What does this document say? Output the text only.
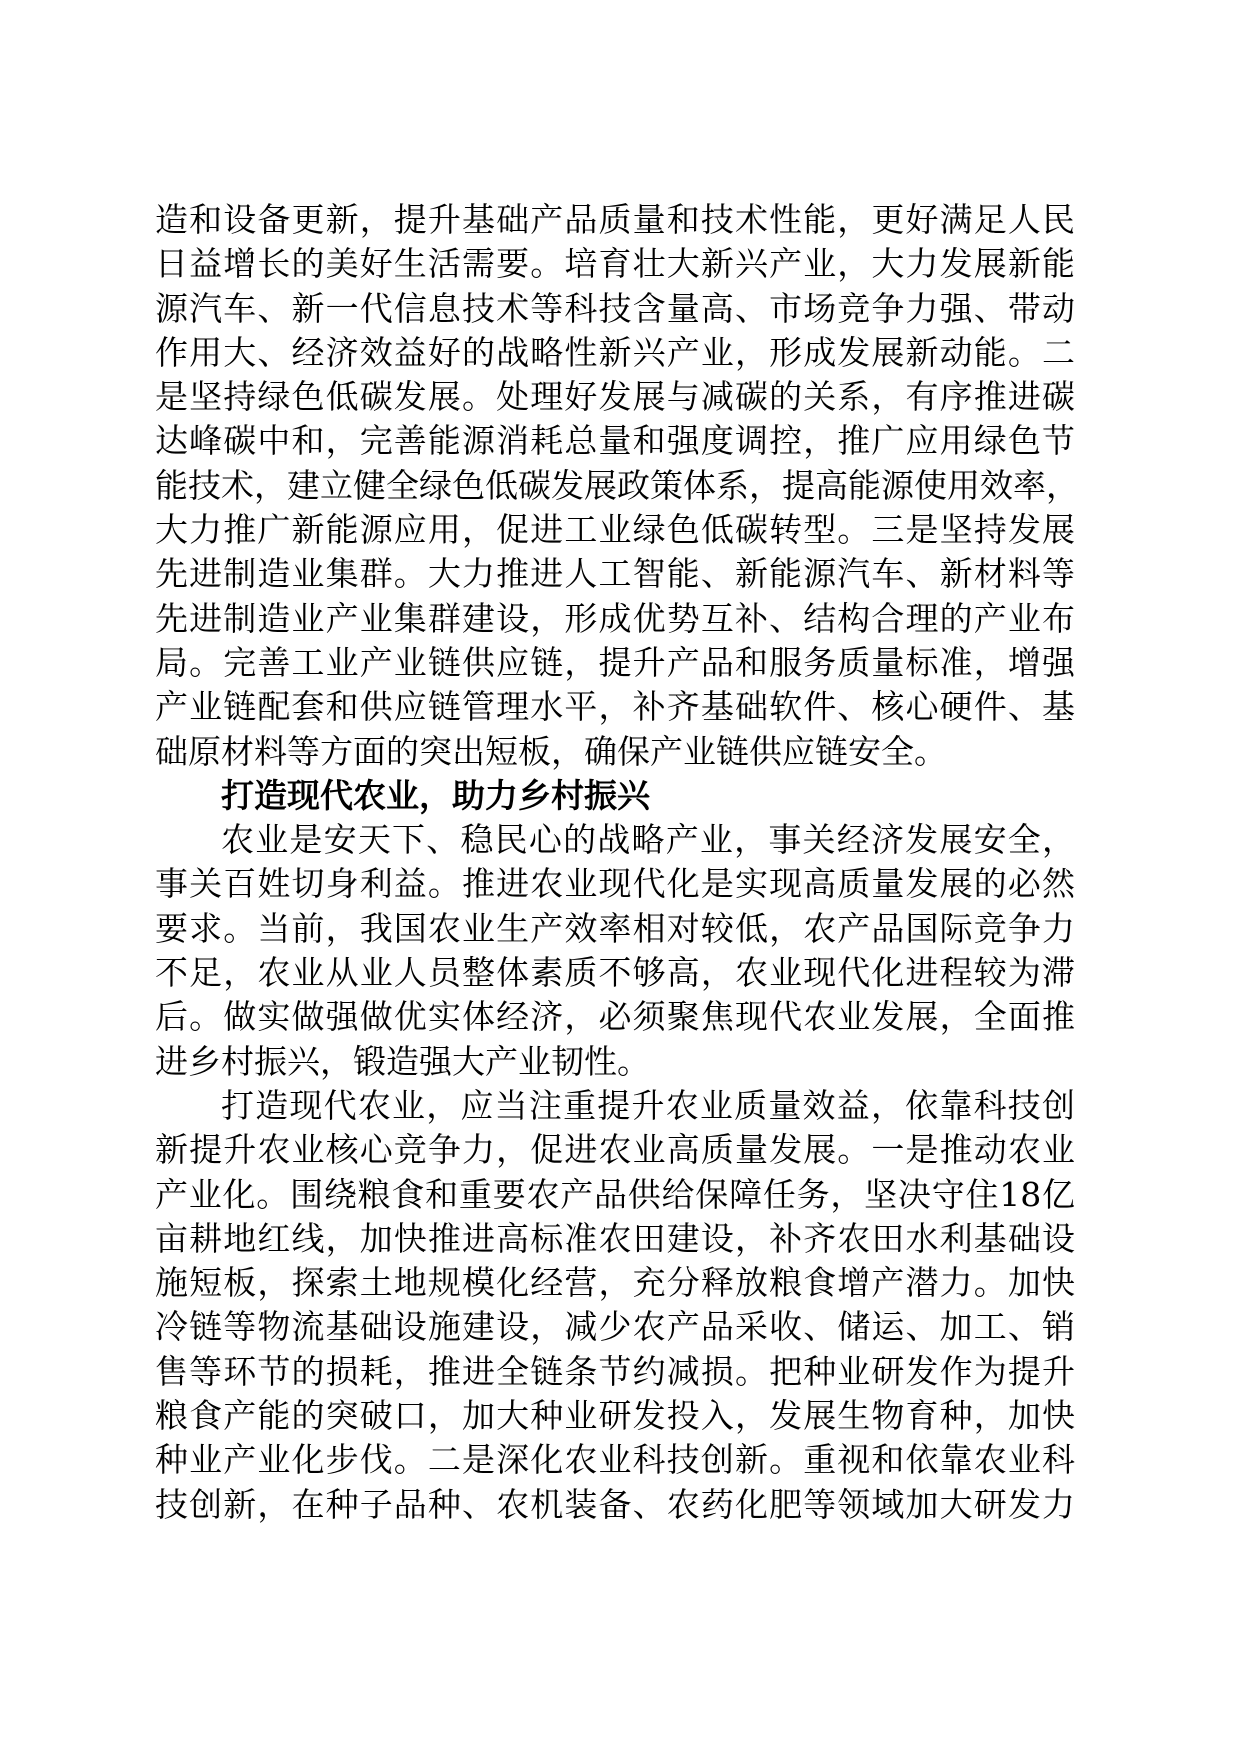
造和设备更新，提升基础产品质量和技术性能，更好满足人民
日益增长的美好生活需要。培育壮大新兴产业，大力发展新能
源汽车、新一代信息技术等科技含量高、市场竞争力强、带动
作用大、经济效益好的战略性新兴产业，形成发展新动能。二
是坚持绿色低碳发展。处理好发展与减碳的关系，有序推进碳
达峰碳中和，完善能源消耗总量和强度调控，推广应用绿色节
能技术，建立健全绿色低碳发展政策体系，提高能源使用效率，
大力推广新能源应用，促进工业绿色低碳转型。三是坚持发展
先进制造业集群。大力推进人工智能、新能源汽车、新材料等
先进制造业产业集群建设，形成优势互补、结构合理的产业布
局。完善工业产业链供应链，提升产品和服务质量标准，增强
产业链配套和供应链管理水平，补齐基础软件、核心硬件、基
础原材料等方面的突出短板，确保产业链供应链安全。
打造现代农业，助力乡村振兴
农业是安天下、稳民心的战略产业，事关经济发展安全，
事关百姓切身利益。推进农业现代化是实现高质量发展的必然
要求。当前，我国农业生产效率相对较低，农产品国际竞争力
不足，农业从业人员整体素质不够高，农业现代化进程较为滞
后。做实做强做优实体经济，必须聚焦现代农业发展，全面推
进乡村振兴，锻造强大产业韧性。
打造现代农业，应当注重提升农业质量效益，依靠科技创
新提升农业核心竞争力，促进农业高质量发展。一是推动农业
产业化。围绕粮食和重要农产品供给保障任务，坚决守住18亿
亩耕地红线，加快推进高标准农田建设，补齐农田水利基础设
施短板，探索土地规模化经营，充分释放粮食增产潜力。加快
冷链等物流基础设施建设，减少农产品采收、储运、加工、销
售等环节的损耗，推进全链条节约减损。把种业研发作为提升
粮食产能的突破口，加大种业研发投入，发展生物育种，加快
种业产业化步伐。二是深化农业科技创新。重视和依靠农业科
技创新，在种子品种、农机装备、农药化肥等领域加大研发力
